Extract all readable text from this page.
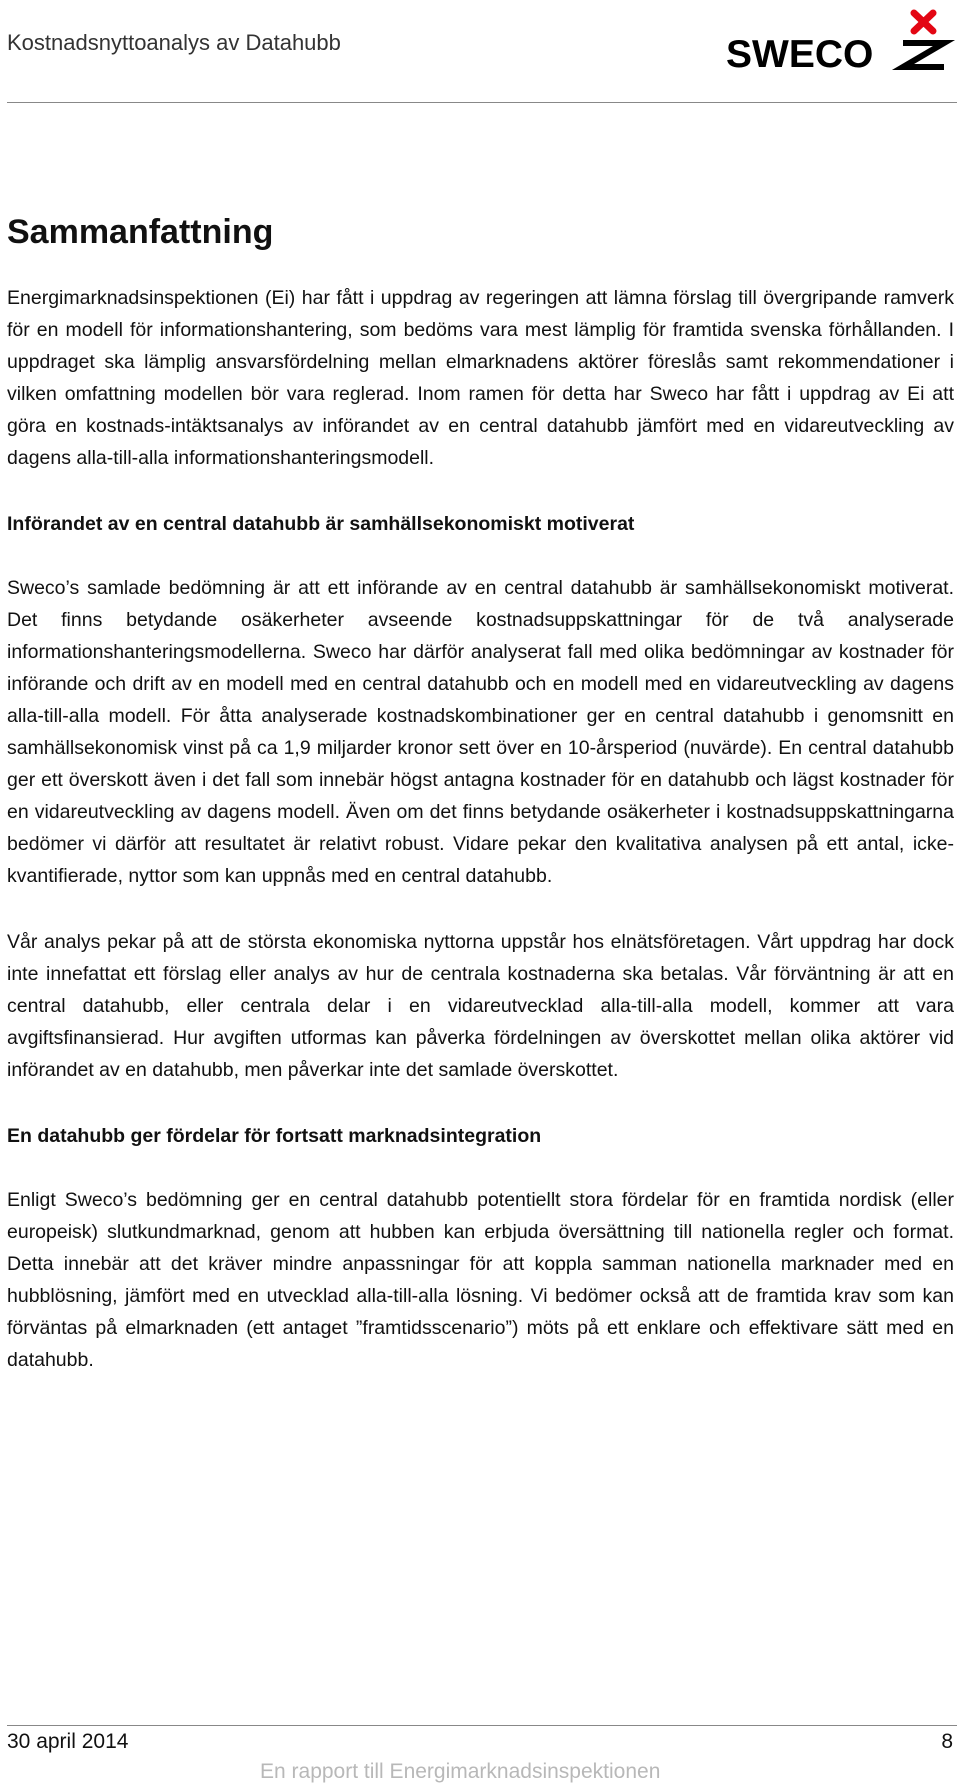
Kostnadsnyttoanalys av Datahubb	SWECO
Sammanfattning

Energimarknadsinspektionen (Ei) har fått i uppdrag av regeringen att lämna förslag till övergripande ramverk för en modell för informationshantering, som bedöms vara mest lämplig för framtida svenska förhållanden. I uppdraget ska lämplig ansvarsfördelning mellan elmarknadens aktörer föreslås samt rekommendationer i vilken omfattning modellen bör vara reglerad. Inom ramen för detta har Sweco har fått i uppdrag av Ei att göra en kostnads-intäktsanalys av införandet av en central datahubb jämfört med en vidareutveckling av dagens alla-till-alla informationshanteringsmodell.

Införandet av en central datahubb är samhällsekonomiskt motiverat

Sweco’s samlade bedömning är att ett införande av en central datahubb är samhällsekonomiskt motiverat. Det finns betydande osäkerheter avseende kostnadsuppskattningar för de två analyserade informationshanteringsmodellerna. Sweco har därför analyserat fall med olika bedömningar av kostnader för införande och drift av en modell med en central datahubb och en modell med en vidareutveckling av dagens alla-till-alla modell. För åtta analyserade kostnadskombinationer ger en central datahubb i genomsnitt en samhällsekonomisk vinst på ca 1,9 miljarder kronor sett över en 10-årsperiod (nuvärde). En central datahubb ger ett överskott även i det fall som innebär högst antagna kostnader för en datahubb och lägst kostnader för en vidareutveckling av dagens modell. Även om det finns betydande osäkerheter i kostnadsuppskattningarna bedömer vi därför att resultatet är relativt robust. Vidare pekar den kvalitativa analysen på ett antal, icke-kvantifierade, nyttor som kan uppnås med en central datahubb.

Vår analys pekar på att de största ekonomiska nyttorna uppstår hos elnätsföretagen. Vårt uppdrag har dock inte innefattat ett förslag eller analys av hur de centrala kostnaderna ska betalas. Vår förväntning är att en central datahubb, eller centrala delar i en vidareutvecklad alla-till-alla modell, kommer att vara avgiftsfinansierad. Hur avgiften utformas kan påverka fördelningen av överskottet mellan olika aktörer vid införandet av en datahubb, men påverkar inte det samlade överskottet.

En datahubb ger fördelar för fortsatt marknadsintegration

Enligt Sweco’s bedömning ger en central datahubb potentiellt stora fördelar för en framtida nordisk (eller europeisk) slutkundmarknad, genom att hubben kan erbjuda översättning till nationella regler och format. Detta innebär att det kräver mindre anpassningar för att koppla samman nationella marknader med en hubblösning, jämfört med en utvecklad alla-till-alla lösning. Vi bedömer också att de framtida krav som kan förväntas på elmarknaden (ett antaget ”framtidsscenario”) möts på ett enklare och effektivare sätt med en datahubb.

30 april 2014	8
En rapport till Energimarknadsinspektionen
